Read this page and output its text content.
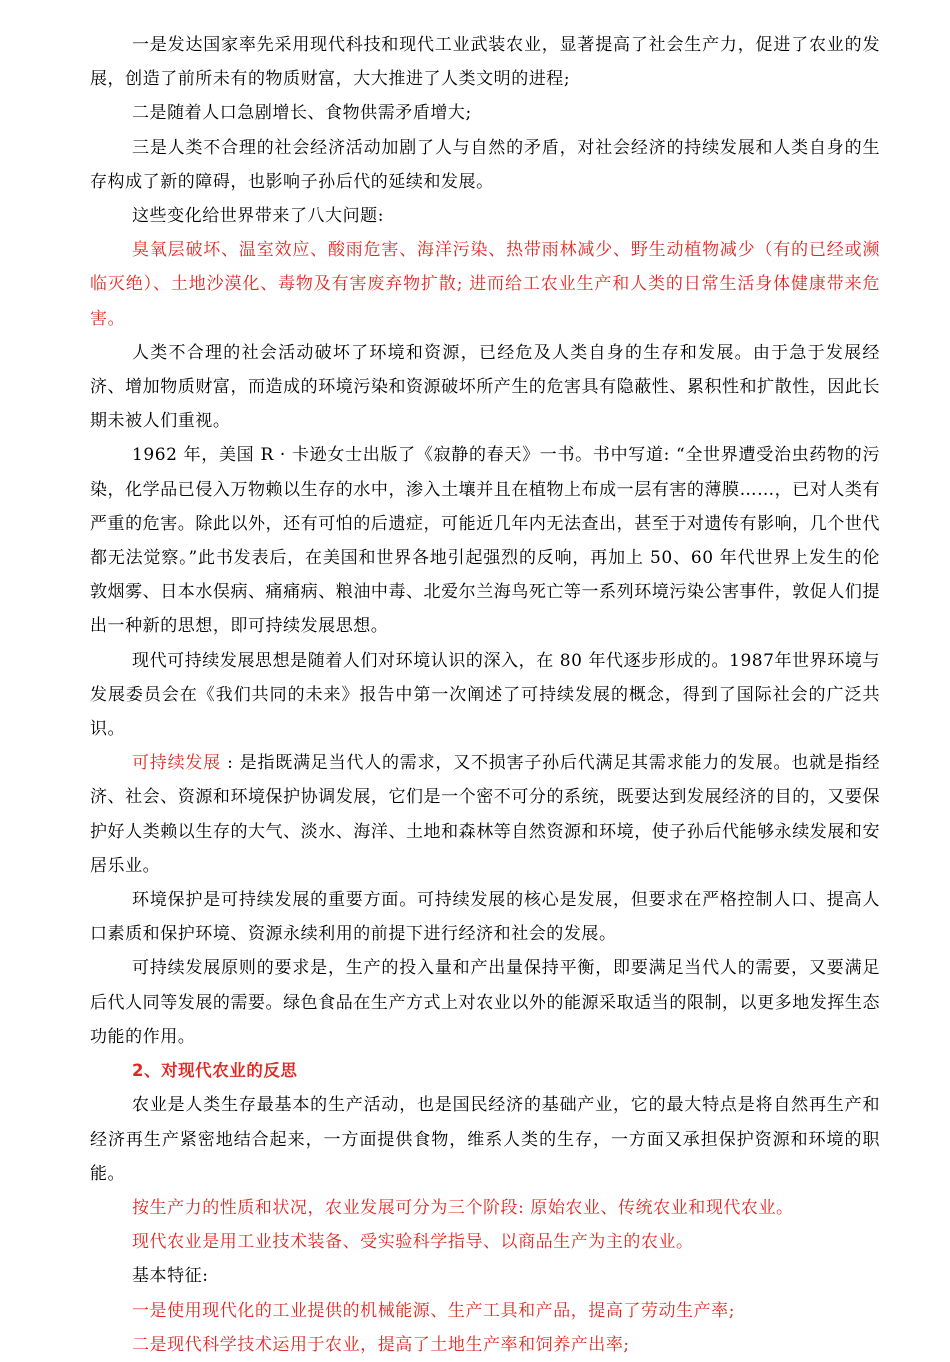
一是发达国家率先采用现代科技和现代工业武装农业，显著提高了社会生产力，促进了农业的发展，创造了前所未有的物质财富，大大推进了人类文明的进程;

二是随着人口急剧增长、食物供需矛盾增大;

三是人类不合理的社会经济活动加剧了人与自然的矛盾，对社会经济的持续发展和人类自身的生存构成了新的障碍，也影响子孙后代的延续和发展。

这些变化给世界带来了八大问题:

臭氧层破坏、温室效应、酸雨危害、海洋污染、热带雨林减少、野生动植物减少（有的已经或濒临灭绝）、土地沙漠化、毒物及有害废弃物扩散; 进而给工农业生产和人类的日常生活身体健康带来危害。

人类不合理的社会活动破坏了环境和资源，已经危及人类自身的生存和发展。由于急于发展经济、增加物质财富，而造成的环境污染和资源破坏所产生的危害具有隐蔽性、累积性和扩散性，因此长期未被人们重视。

1962 年，美国 R · 卡逊女士出版了《寂静的春天》一书。书中写道: “全世界遭受治虫药物的污染，化学品已侵入万物赖以生存的水中，渗入土壤并且在植物上布成一层有害的薄膜……，已对人类有严重的危害。除此以外，还有可怕的后遗症，可能近几年内无法查出，甚至于对遗传有影响，几个世代都无法觉察。”此书发表后，在美国和世界各地引起强烈的反响，再加上 50、60 年代世界上发生的伦敦烟雾、日本水俣病、痛痛病、粮油中毒、北爱尔兰海鸟死亡等一系列环境污染公害事件，敦促人们提出一种新的思想，即可持续发展思想。

现代可持续发展思想是随着人们对环境认识的深入，在 80 年代逐步形成的。1987年世界环境与发展委员会在《我们共同的未来》报告中第一次阐述了可持续发展的概念，得到了国际社会的广泛共识。

可持续发展 : 是指既满足当代人的需求，又不损害子孙后代满足其需求能力的发展。也就是指经济、社会、资源和环境保护协调发展，它们是一个密不可分的系统，既要达到发展经济的目的，又要保护好人类赖以生存的大气、淡水、海洋、土地和森林等自然资源和环境，使子孙后代能够永续发展和安居乐业。

环境保护是可持续发展的重要方面。可持续发展的核心是发展，但要求在严格控制人口、提高人口素质和保护环境、资源永续利用的前提下进行经济和社会的发展。

可持续发展原则的要求是，生产的投入量和产出量保持平衡，即要满足当代人的需要，又要满足后代人同等发展的需要。绿色食品在生产方式上对农业以外的能源采取适当的限制，以更多地发挥生态功能的作用。

2、对现代农业的反思

农业是人类生存最基本的生产活动，也是国民经济的基础产业，它的最大特点是将自然再生产和经济再生产紧密地结合起来，一方面提供食物，维系人类的生存，一方面又承担保护资源和环境的职能。

按生产力的性质和状况，农业发展可分为三个阶段: 原始农业、传统农业和现代农业。

现代农业是用工业技术装备、受实验科学指导、以商品生产为主的农业。

基本特征:

一是使用现代化的工业提供的机械能源、生产工具和产品，提高了劳动生产率;

二是现代科学技术运用于农业，提高了土地生产率和饲养产出率;
